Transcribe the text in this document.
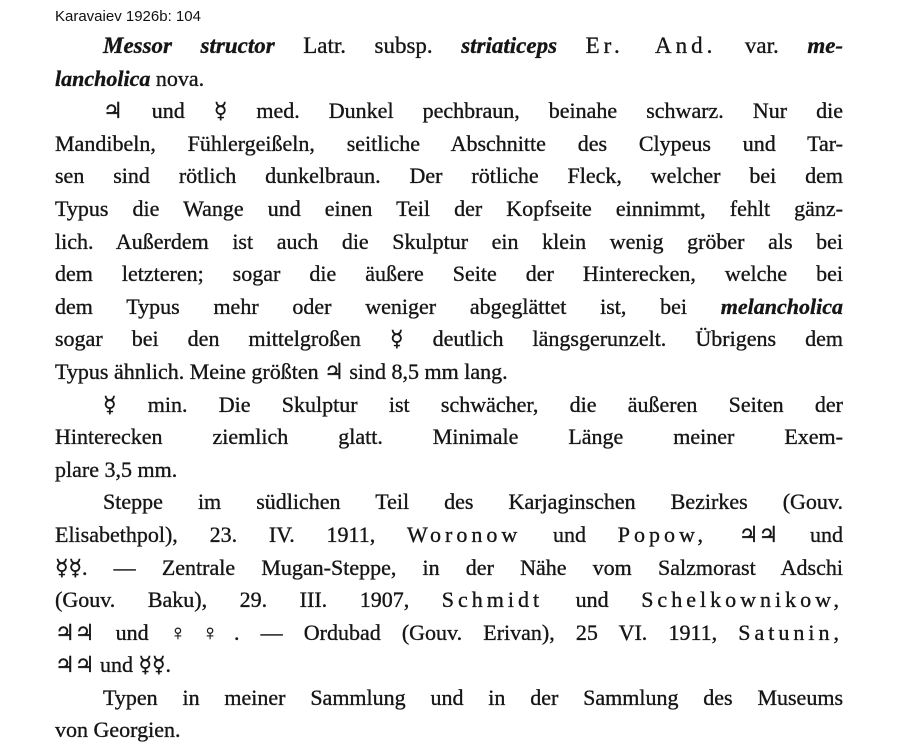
Karavaiev 1926b: 104
Messor structor Latr. subsp. striaticeps Er. And. var. me-
lancholica nova.
♃ und ☿ med. Dunkel pechbraun, beinahe schwarz. Nur die
Mandibeln, Fühlergeißeln, seitliche Abschnitte des Clypeus und Tar-
sen sind rötlich dunkelbraun. Der rötliche Fleck, welcher bei dem
Typus die Wange und einen Teil der Kopfseite einnimmt, fehlt gänz-
lich. Außerdem ist auch die Skulptur ein klein wenig gröber als bei
dem letzteren; sogar die äußere Seite der Hinterecken, welche bei
dem Typus mehr oder weniger abgeglättet ist, bei melancholica
sogar bei den mittelgroßen ☿ deutlich längsgerunzelt. Übrigens dem
Typus ähnlich. Meine größten ♃ sind 8,5 mm lang.
☿ min. Die Skulptur ist schwächer, die äußeren Seiten der
Hinterecken ziemlich glatt. Minimale Länge meiner Exem-
plare 3,5 mm.
Steppe im südlichen Teil des Karjaginschen Bezirkes (Gouv.
Elisabethpol), 23. IV. 1911, Woronow und Popow, ♃♃ und
☿☿. — Zentrale Mugan-Steppe, in der Nähe vom Salzmorast Adschi
(Gouv. Baku), 29. III. 1907, Schmidt und Schelkownikow,
♃♃ und ♀♀. — Ordubad (Gouv. Erivan), 25 VI. 1911, Satunin,
♃♃ und ☿☿.
Typen in meiner Sammlung und in der Sammlung des Museums
von Georgien.
